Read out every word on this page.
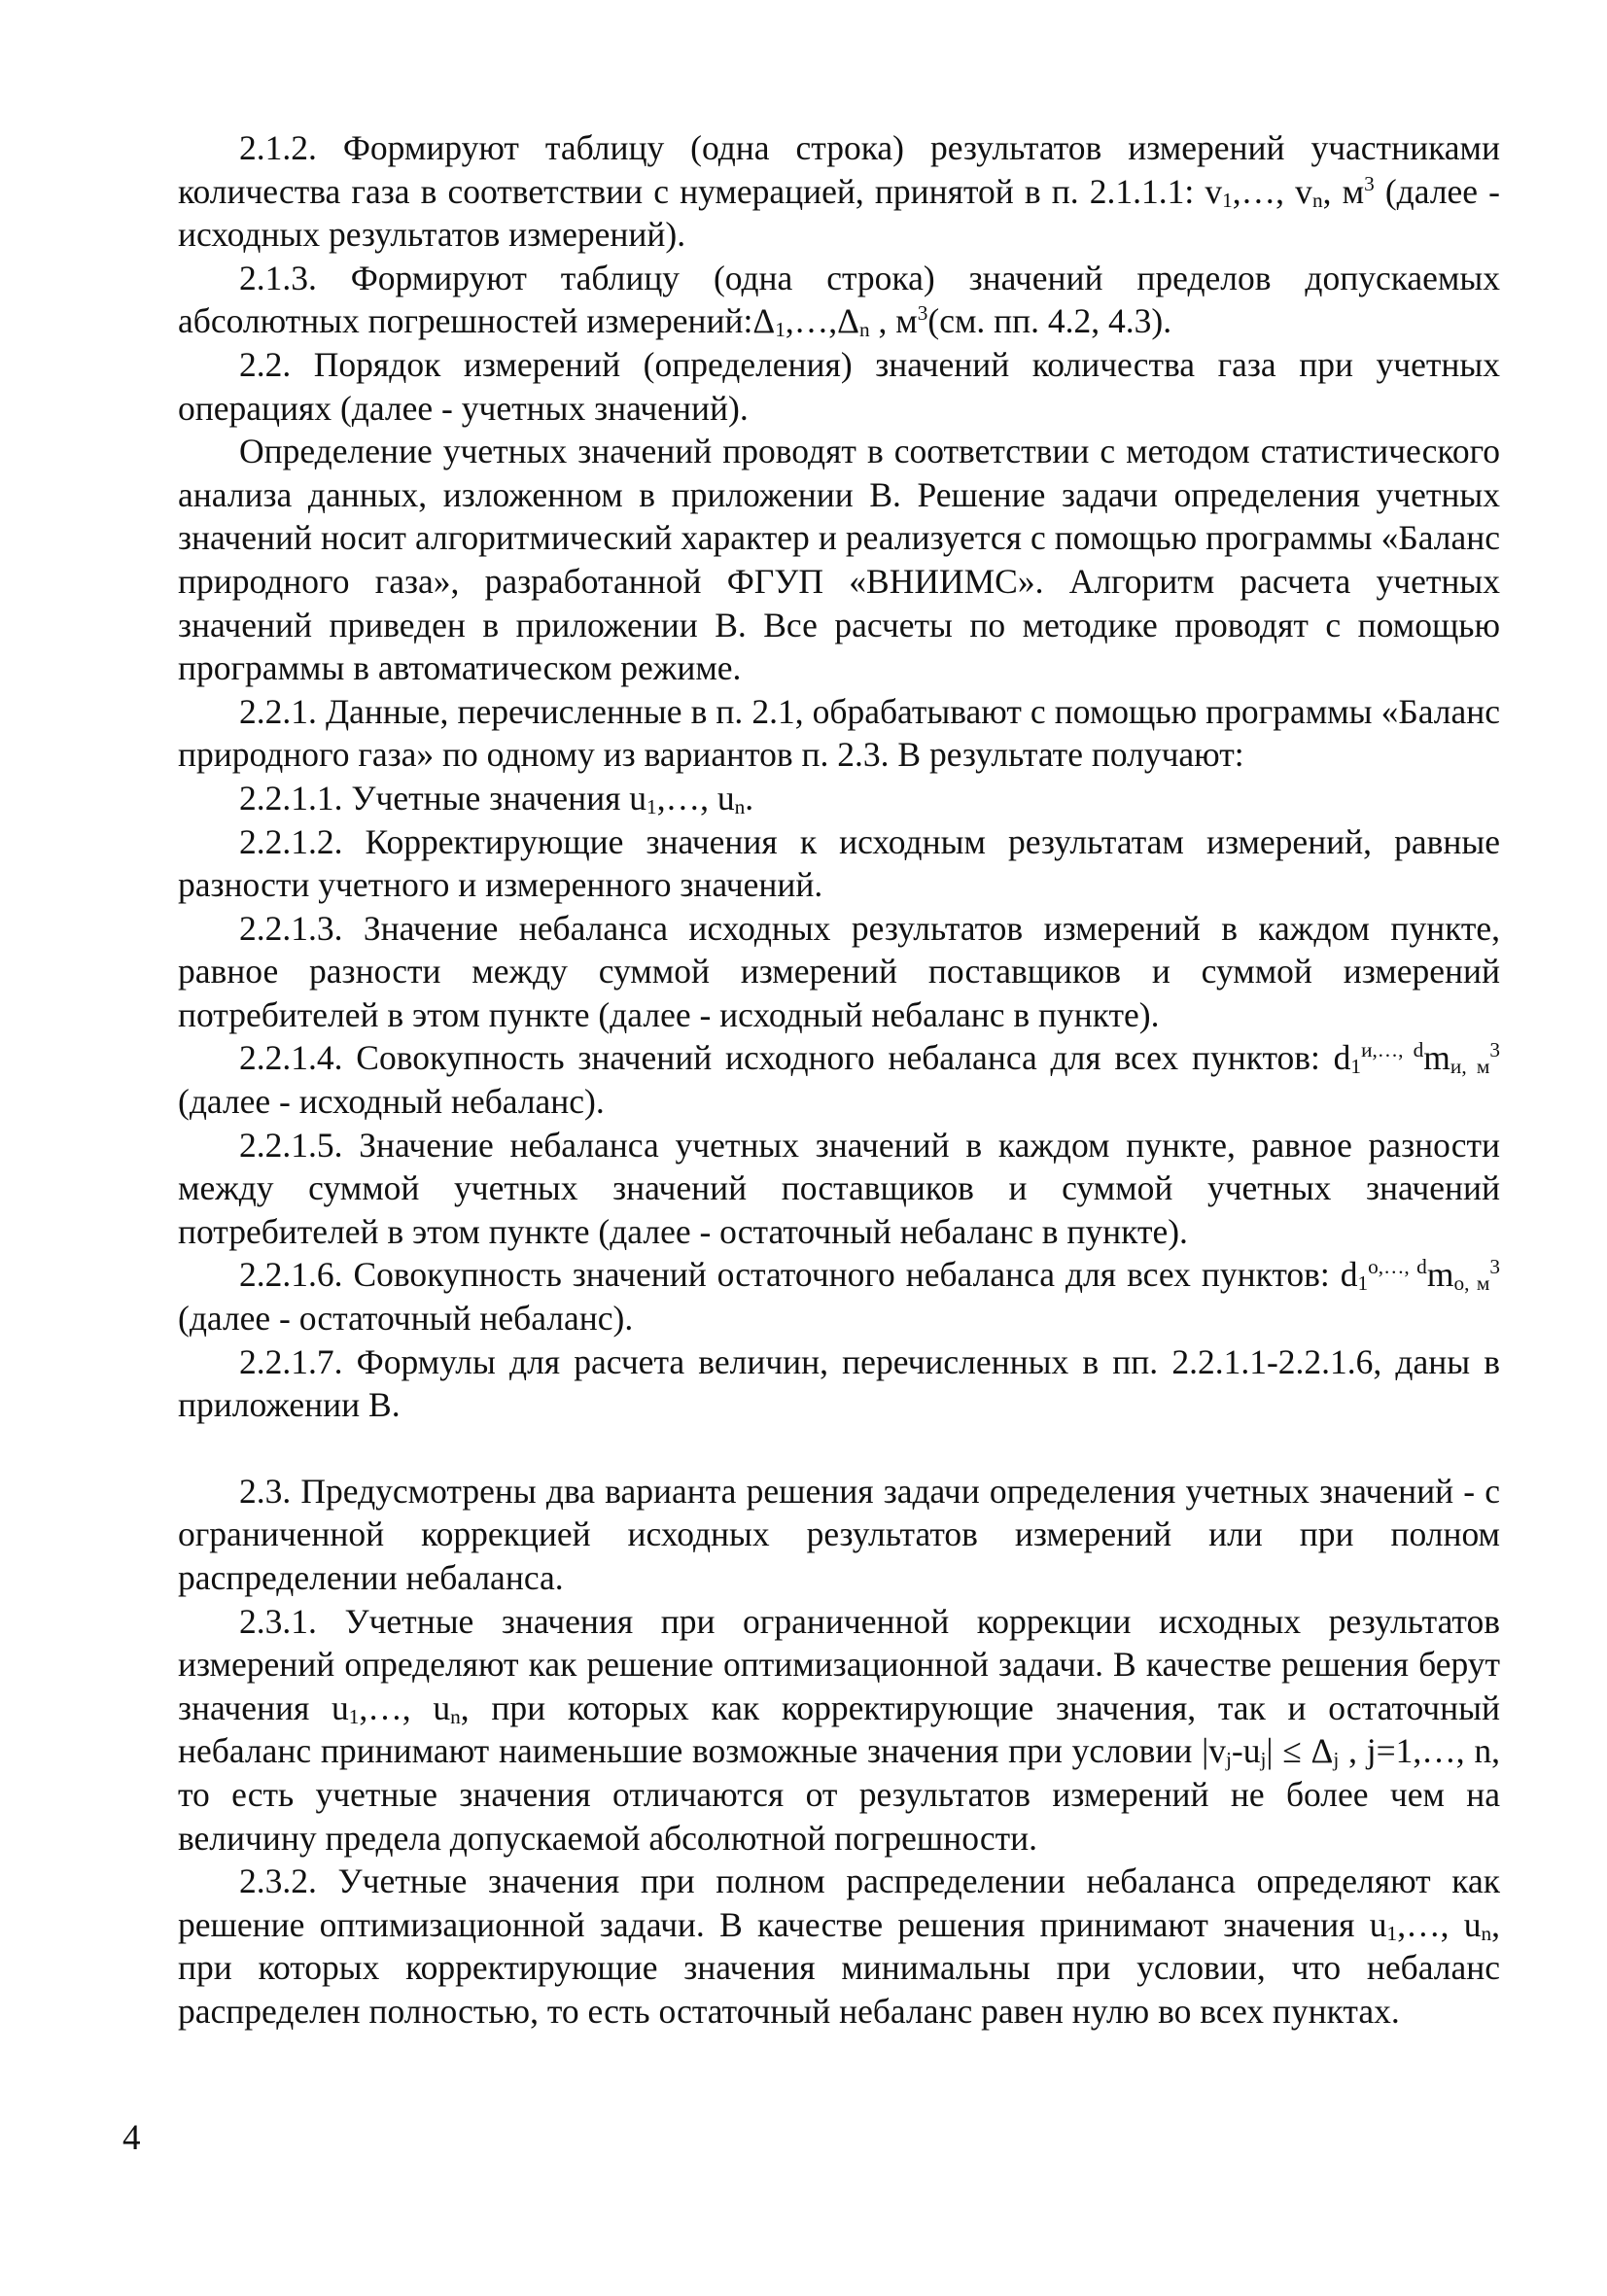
2.1.2. Формируют таблицу (одна строка) результатов измерений участниками количества газа в соответствии с нумерацией, принятой в п. 2.1.1.1: $v_1,\dots$, $v_n$, $м^3$ (далее - исходных результатов измерений).

2.1.3. Формируют таблицу (одна строка) значений пределов допускаемых абсолютных погрешностей $измерений:\Delta_1,\dots,\Delta_n$ , $м^3(см$. пп. 4.2, 4.3).

2.2. Порядок измерений (определения) значений количества газа при учетных операциях (далее - учетных значений).

Определение учетных значений проводят в соответствии с методом статистического анализа данных, изложенном в приложении В. Решение задачи определения учетных значений носит алгоритмический характер и реализуется с помощью программы «Баланс природного газа», разработанной ФГУП «ВНИИМС». Алгоритм расчета учетных значений приведен в приложении В. Все расчеты по методике проводят с помощью программы в автоматическом режиме.

2.2.1. Данные, перечисленные в п. 2.1, обрабатывают с помощью программы «Баланс природного газа» по одному из вариантов п. 2.3. В результате получают:

2.2.1.1. Учетные значения $u_1,\dots$, $u_n$.

2.2.1.2. Корректирующие значения к исходным результатам измерений, равные разности учетного и измеренного значений.

2.2.1.3. Значение небаланса исходных результатов измерений в каждом пункте, равное разности между суммой измерений поставщиков и суммой измерений потребителей в этом пункте (далее - исходный небаланс в пункте).

2.2.1.4. Совокупность значений исходного небаланса для всех пунктов: $d_1^{и,\dots, d}m_{и, м}^3$ (далее - исходный небаланс).

2.2.1.5. Значение небаланса учетных значений в каждом пункте, равное разности между суммой учетных значений поставщиков и суммой учетных значений потребителей в этом пункте (далее - остаточный небаланс в пункте).

2.2.1.6. Совокупность значений остаточного небаланса для всех пунктов: $d_1^{о,\dots, d}m_{о, м}^3$ (далее - остаточный небаланс).

2.2.1.7. Формулы для расчета величин, перечисленных в пп. 2.2.1.1-2.2.1.6, даны в приложении В.

2.3. Предусмотрены два варианта решения задачи определения учетных значений - с ограниченной коррекцией исходных результатов измерений или при полном распределении небаланса.

2.3.1. Учетные значения при ограниченной коррекции исходных результатов измерений определяют как решение оптимизационной задачи. В качестве решения берут значения $u_1,\dots$, $u_n$, при которых как корректирующие значения, так и остаточный небаланс принимают наименьшие возможные значения при условии $|v_j-u_j| \le \Delta_j$ , j=1,…, n, то есть учетные значения отличаются от результатов измерений не более чем на величину предела допускаемой абсолютной погрешности.

2.3.2. Учетные значения при полном распределении небаланса определяют как решение оптимизационной задачи. В качестве решения принимают значения $u_1,\dots$, $u_n$, при которых корректирующие значения минимальны при условии, что небаланс распределен полностью, то есть остаточный небаланс равен нулю во всех пунктах.

4
